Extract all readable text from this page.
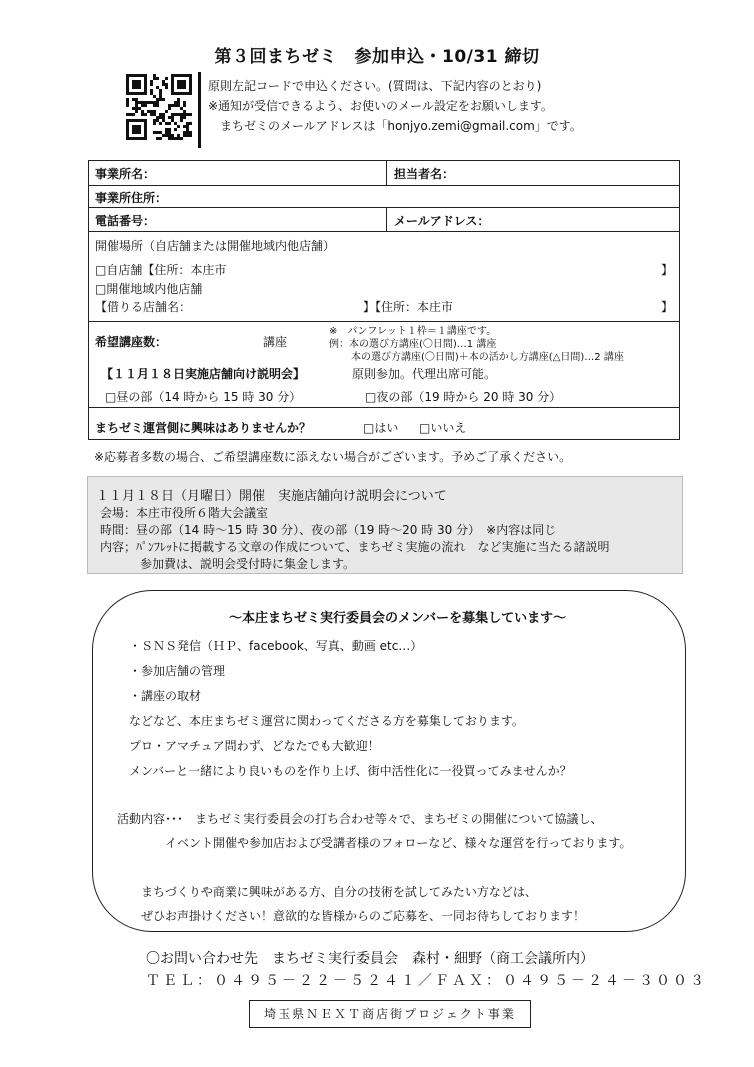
第３回まちゼミ　参加申込・10/31 締切
原則左記コードで申込ください。(質問は、下記内容のとおり)
※通知が受信できるよう、お使いのメール設定をお願いします。
　まちゼミのメールアドレスは「honjyo.zemi@gmail.com」です。
事業所名：	担当者名：
事業所住所：
電話番号：	メールアドレス：
開催場所（自店舗または開催地域内他店舗）
□自店舗【住所：本庄市	】
□開催地域内他店舗
【借りる店舗名：	】【住所：本庄市	】
希望講座数：	講座
※　パンフレット１枠＝１講座です。
例：本の選び方講座(〇日間)…1 講座
本の選び方講座(〇日間)＋本の活かし方講座(△日間)…2 講座
【１１月１８日実施店舗向け説明会】	原則参加。代理出席可能。
□昼の部（14 時から 15 時 30 分）	□夜の部（19 時から 20 時 30 分）
まちゼミ運営側に興味はありませんか？	□はい □いいえ
※応募者多数の場合、ご希望講座数に添えない場合がございます。予めご了承ください。
１１月１８日（月曜日）開催　実施店舗向け説明会について
会場：本庄市役所６階大会議室
時間：昼の部（14 時～15 時 30 分）、夜の部（19 時～20 時 30 分）　※内容は同じ
内容；ﾊﾟﾝﾌﾚｯﾄに掲載する文章の作成について、まちゼミ実施の流れ　など実施に当たる諸説明
参加費は、説明会受付時に集金します。
～本庄まちゼミ実行委員会のメンバーを募集しています～
・ＳＮＳ発信（ＨＰ、facebook、写真、動画 etc…）
・参加店舗の管理
・講座の取材
などなど、本庄まちゼミ運営に関わってくださる方を募集しております。
プロ・アマチュア問わず、どなたでも大歓迎！
メンバーと一緒により良いものを作り上げ、街中活性化に一役買ってみませんか？
活動内容･･･　まちゼミ実行委員会の打ち合わせ等々で、まちゼミの開催について協議し、
イベント開催や参加店および受講者様のフォローなど、様々な運営を行っております。
まちづくりや商業に興味がある方、自分の技術を試してみたい方などは、
ぜひお声掛けください！意欲的な皆様からのご応募を、一同お待ちしております！
〇お問い合わせ先　まちゼミ実行委員会　森村・細野（商工会議所内）
ＴＥＬ：０４９５－２２－５２４１／ＦＡＸ：０４９５－２４－３００３
埼玉県ＮＥＸＴ商店街プロジェクト事業
